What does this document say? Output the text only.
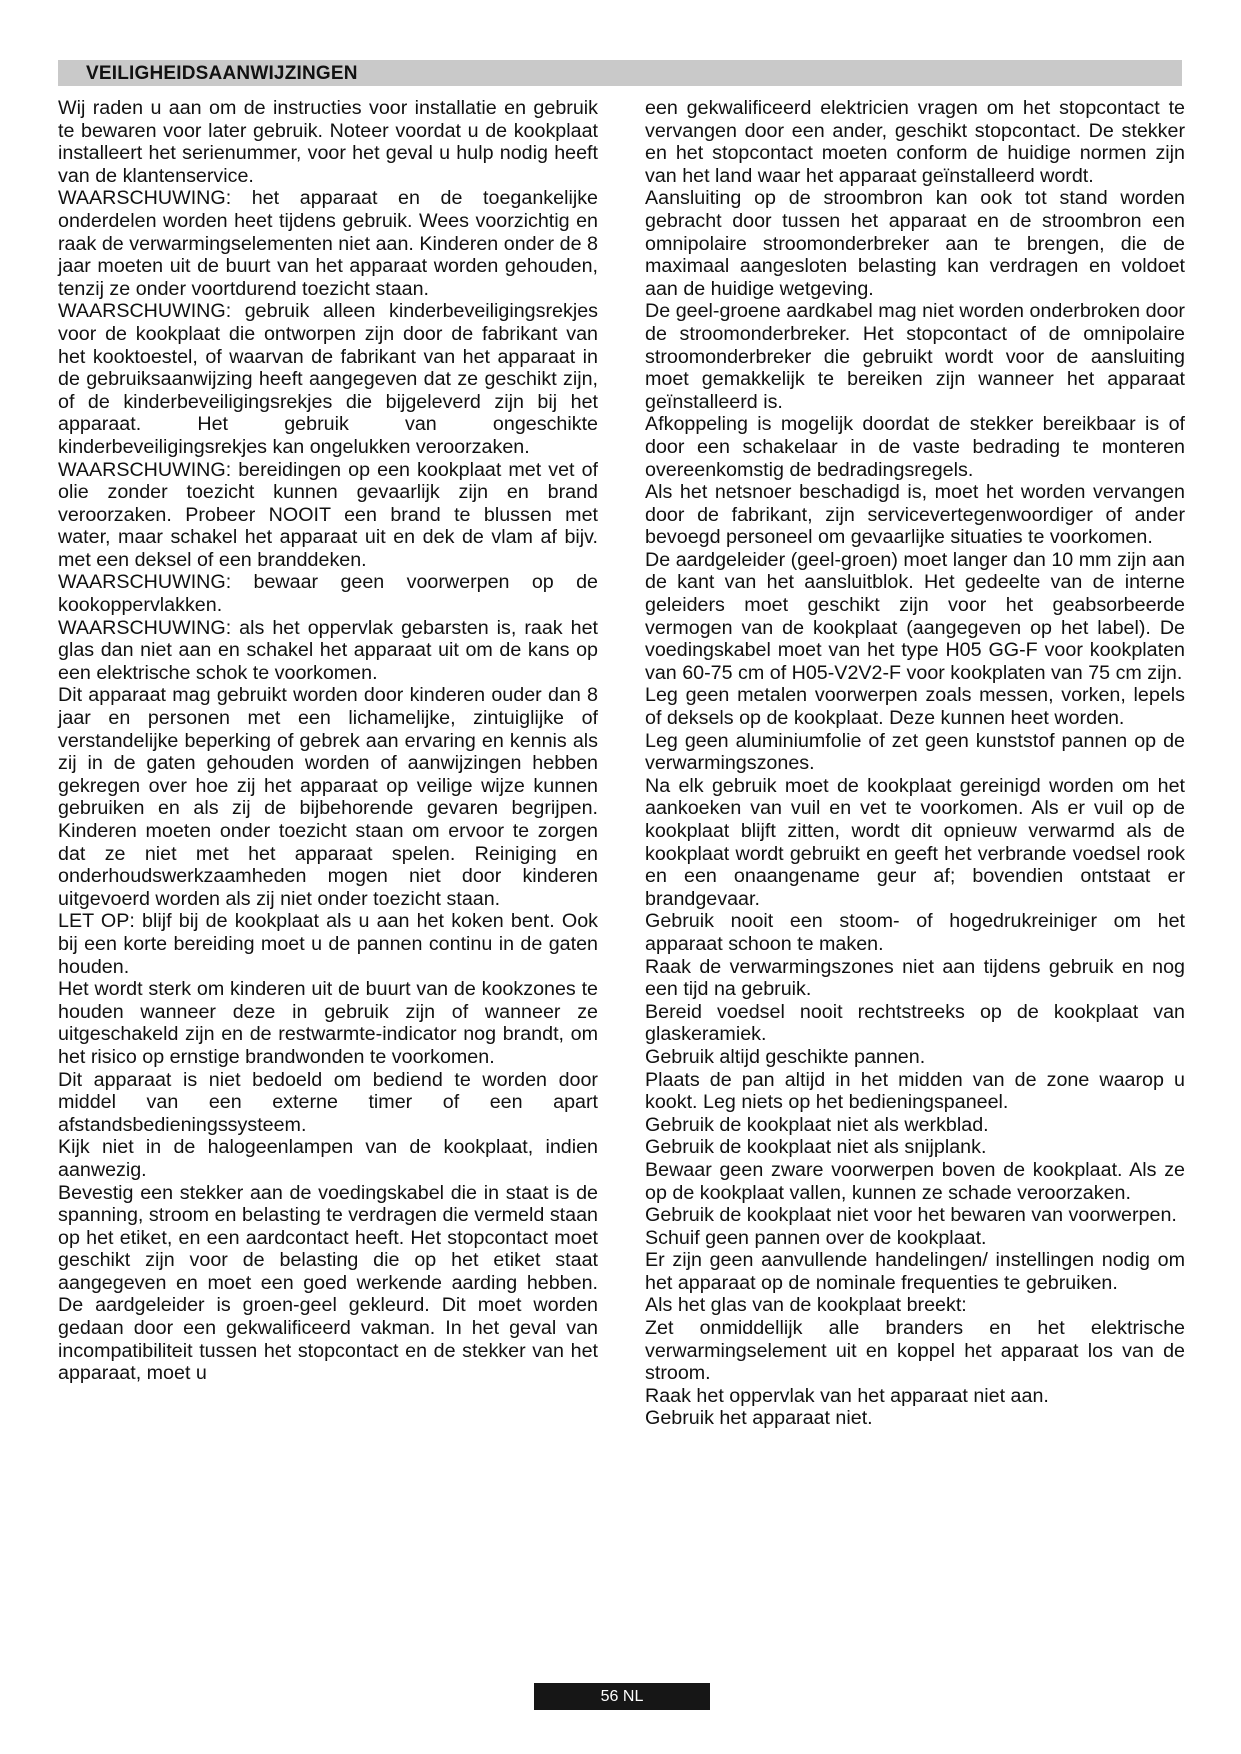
VEILIGHEIDSAANWIJZINGEN

Wij raden u aan om de instructies voor installatie en gebruik te bewaren voor later gebruik. Noteer voordat u de kookplaat installeert het serienummer, voor het geval u hulp nodig heeft van de klantenservice.

WAARSCHUWING: het apparaat en de toegankelijke onderdelen worden heet tijdens gebruik. Wees voorzichtig en raak de verwarmingselementen niet aan. Kinderen onder de 8 jaar moeten uit de buurt van het apparaat worden gehouden, tenzij ze onder voortdurend toezicht staan.

WAARSCHUWING: gebruik alleen kinderbeveiligingsrekjes voor de kookplaat die ontworpen zijn door de fabrikant van het kooktoestel, of waarvan de fabrikant van het apparaat in de gebruiksaanwijzing heeft aangegeven dat ze geschikt zijn, of de kinderbeveiligingsrekjes die bijgeleverd zijn bij het apparaat. Het gebruik van ongeschikte kinderbeveiligingsrekjes kan ongelukken veroorzaken.

WAARSCHUWING: bereidingen op een kookplaat met vet of olie zonder toezicht kunnen gevaarlijk zijn en brand veroorzaken. Probeer NOOIT een brand te blussen met water, maar schakel het apparaat uit en dek de vlam af bijv. met een deksel of een branddeken.

WAARSCHUWING: bewaar geen voorwerpen op de kookoppervlakken.

WAARSCHUWING: als het oppervlak gebarsten is, raak het glas dan niet aan en schakel het apparaat uit om de kans op een elektrische schok te voorkomen.

Dit apparaat mag gebruikt worden door kinderen ouder dan 8 jaar en personen met een lichamelijke, zintuiglijke of verstandelijke beperking of gebrek aan ervaring en kennis als zij in de gaten gehouden worden of aanwijzingen hebben gekregen over hoe zij het apparaat op veilige wijze kunnen gebruiken en als zij de bijbehorende gevaren begrijpen. Kinderen moeten onder toezicht staan om ervoor te zorgen dat ze niet met het apparaat spelen. Reiniging en onderhoudswerkzaamheden mogen niet door kinderen uitgevoerd worden als zij niet onder toezicht staan.

LET OP: blijf bij de kookplaat als u aan het koken bent. Ook bij een korte bereiding moet u de pannen continu in de gaten houden.

Het wordt sterk om kinderen uit de buurt van de kookzones te houden wanneer deze in gebruik zijn of wanneer ze uitgeschakeld zijn en de restwarmte-indicator nog brandt, om het risico op ernstige brandwonden te voorkomen.

Dit apparaat is niet bedoeld om bediend te worden door middel van een externe timer of een apart afstandsbedieningssysteem.

Kijk niet in de halogeenlampen van de kookplaat, indien aanwezig.

Bevestig een stekker aan de voedingskabel die in staat is de spanning, stroom en belasting te verdragen die vermeld staan op het etiket, en een aardcontact heeft. Het stopcontact moet geschikt zijn voor de belasting die op het etiket staat aangegeven en moet een goed werkende aarding hebben. De aardgeleider is groen-geel gekleurd. Dit moet worden gedaan door een gekwalificeerd vakman. In het geval van incompatibiliteit tussen het stopcontact en de stekker van het apparaat, moet u

een gekwalificeerd elektricien vragen om het stopcontact te vervangen door een ander, geschikt stopcontact. De stekker en het stopcontact moeten conform de huidige normen zijn van het land waar het apparaat geïnstalleerd wordt.

Aansluiting op de stroombron kan ook tot stand worden gebracht door tussen het apparaat en de stroombron een omnipolaire stroomonderbreker aan te brengen, die de maximaal aangesloten belasting kan verdragen en voldoet aan de huidige wetgeving.

De geel-groene aardkabel mag niet worden onderbroken door de stroomonderbreker. Het stopcontact of de omnipolaire stroomonderbreker die gebruikt wordt voor de aansluiting moet gemakkelijk te bereiken zijn wanneer het apparaat geïnstalleerd is.

Afkoppeling is mogelijk doordat de stekker bereikbaar is of door een schakelaar in de vaste bedrading te monteren overeenkomstig de bedradingsregels.

Als het netsnoer beschadigd is, moet het worden vervangen door de fabrikant, zijn servicevertegenwoordiger of ander bevoegd personeel om gevaarlijke situaties te voorkomen.

De aardgeleider (geel-groen) moet langer dan 10 mm zijn aan de kant van het aansluitblok. Het gedeelte van de interne geleiders moet geschikt zijn voor het geabsorbeerde vermogen van de kookplaat (aangegeven op het label). De voedingskabel moet van het type H05 GG-F voor kookplaten van 60-75 cm of H05-V2V2-F voor kookplaten van 75 cm zijn.

Leg geen metalen voorwerpen zoals messen, vorken, lepels of deksels op de kookplaat. Deze kunnen heet worden.

Leg geen aluminiumfolie of zet geen kunststof pannen op de verwarmingszones.

Na elk gebruik moet de kookplaat gereinigd worden om het aankoeken van vuil en vet te voorkomen. Als er vuil op de kookplaat blijft zitten, wordt dit opnieuw verwarmd als de kookplaat wordt gebruikt en geeft het verbrande voedsel rook en een onaangename geur af; bovendien ontstaat er brandgevaar.

Gebruik nooit een stoom- of hogedrukreiniger om het apparaat schoon te maken.

Raak de verwarmingszones niet aan tijdens gebruik en nog een tijd na gebruik.

Bereid voedsel nooit rechtstreeks op de kookplaat van glaskeramiek.

Gebruik altijd geschikte pannen.

Plaats de pan altijd in het midden van de zone waarop u kookt. Leg niets op het bedieningspaneel.

Gebruik de kookplaat niet als werkblad.

Gebruik de kookplaat niet als snijplank.

Bewaar geen zware voorwerpen boven de kookplaat. Als ze op de kookplaat vallen, kunnen ze schade veroorzaken.

Gebruik de kookplaat niet voor het bewaren van voorwerpen.

Schuif geen pannen over de kookplaat.

Er zijn geen aanvullende handelingen/ instellingen nodig om het apparaat op de nominale frequenties te gebruiken.

Als het glas van de kookplaat breekt:

Zet onmiddellijk alle branders en het elektrische verwarmingselement uit en koppel het apparaat los van de stroom.

Raak het oppervlak van het apparaat niet aan.

Gebruik het apparaat niet.

56 NL
